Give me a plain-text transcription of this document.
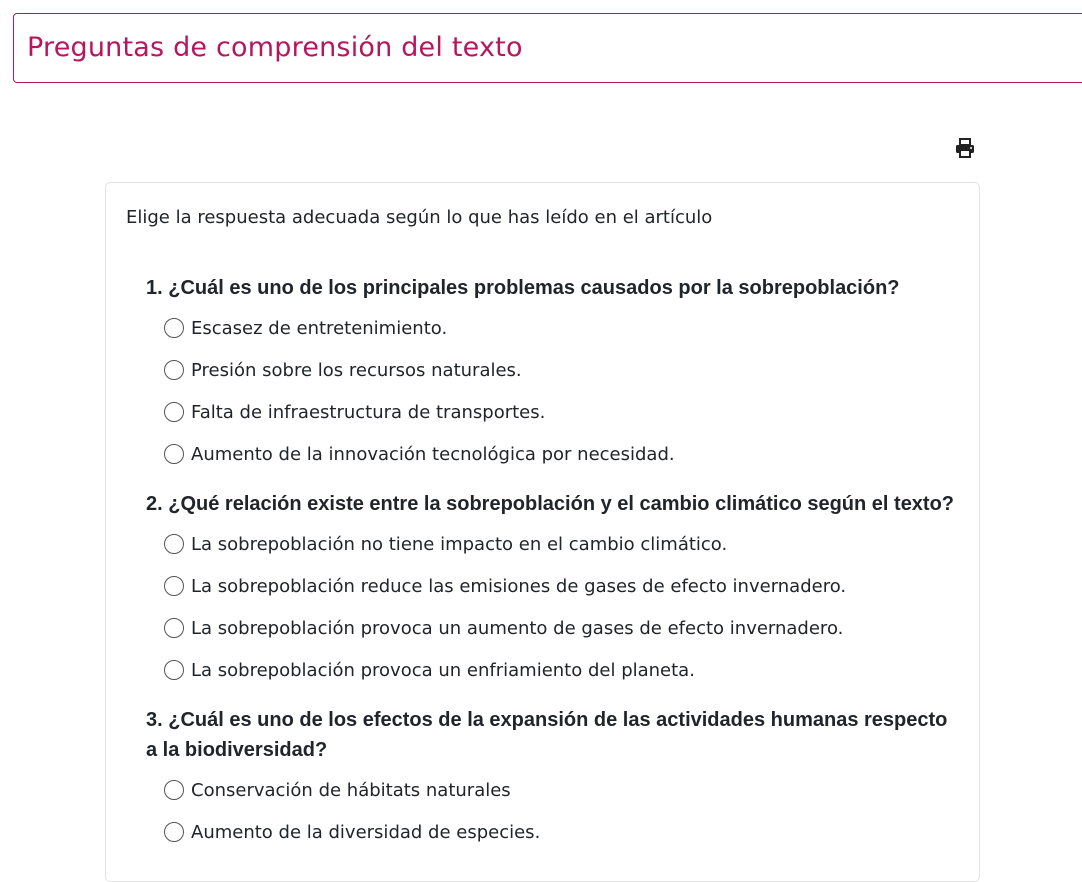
Preguntas de comprensión del texto

Elige la respuesta adecuada según lo que has leído en el artículo

1. ¿Cuál es uno de los principales problemas causados por la sobrepoblación?

Escasez de entretenimiento.
Presión sobre los recursos naturales.
Falta de infraestructura de transportes.
Aumento de la innovación tecnológica por necesidad.

2. ¿Qué relación existe entre la sobrepoblación y el cambio climático según el texto?

La sobrepoblación no tiene impacto en el cambio climático.
La sobrepoblación reduce las emisiones de gases de efecto invernadero.
La sobrepoblación provoca un aumento de gases de efecto invernadero.
La sobrepoblación provoca un enfriamiento del planeta.

3. ¿Cuál es uno de los efectos de la expansión de las actividades humanas respecto a la biodiversidad?

Conservación de hábitats naturales
Aumento de la diversidad de especies.
